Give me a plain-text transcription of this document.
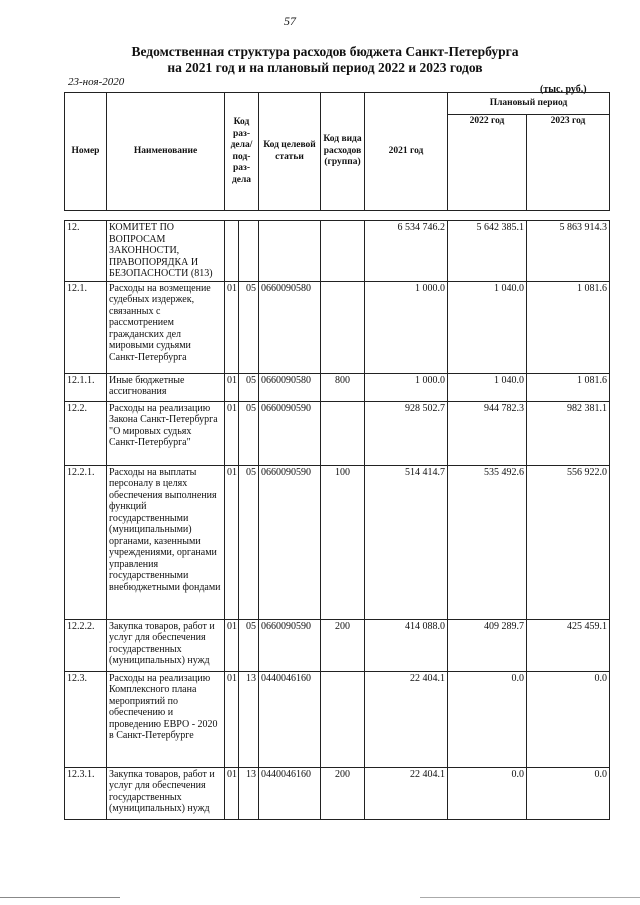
57
Ведомственная структура расходов бюджета Санкт-Петербурга
на 2021 год и на плановый период 2022 и 2023 годов
23-ноя-2020
(тыс. руб.)
Номер	Наименование	Код раз-дела/ под-раз-дела		Код целевой статьи	Код вида расходов (группа)	2021 год	Плановый период	
							2022 год	2023 год

12.	КОМИТЕТ ПО ВОПРОСАМ ЗАКОННОСТИ, ПРАВОПОРЯДКА И БЕЗОПАСНОСТИ (813)					6 534 746.2	5 642 385.1	5 863 914.3
12.1.	Расходы на возмещение судебных издержек, связанных с рассмотрением гражданских дел мировыми судьями Санкт-Петербурга	01	05	0660090580		1 000.0	1 040.0	1 081.6
12.1.1.	Иные бюджетные ассигнования	01	05	0660090580	800	1 000.0	1 040.0	1 081.6
12.2.	Расходы на реализацию Закона Санкт-Петербурга "О мировых судьях Санкт-Петербурга"	01	05	0660090590		928 502.7	944 782.3	982 381.1
12.2.1.	Расходы на выплаты персоналу в целях обеспечения выполнения функций государственными (муниципальными) органами, казенными учреждениями, органами управления государственными внебюджетными фондами	01	05	0660090590	100	514 414.7	535 492.6	556 922.0
12.2.2.	Закупка товаров, работ и услуг для обеспечения государственных (муниципальных) нужд	01	05	0660090590	200	414 088.0	409 289.7	425 459.1
12.3.	Расходы на реализацию Комплексного плана мероприятий по обеспечению и проведению ЕВРО - 2020 в Санкт-Петербурге	01	13	0440046160		22 404.1	0.0	0.0
12.3.1.	Закупка товаров, работ и услуг для обеспечения государственных (муниципальных) нужд	01	13	0440046160	200	22 404.1	0.0	0.0
